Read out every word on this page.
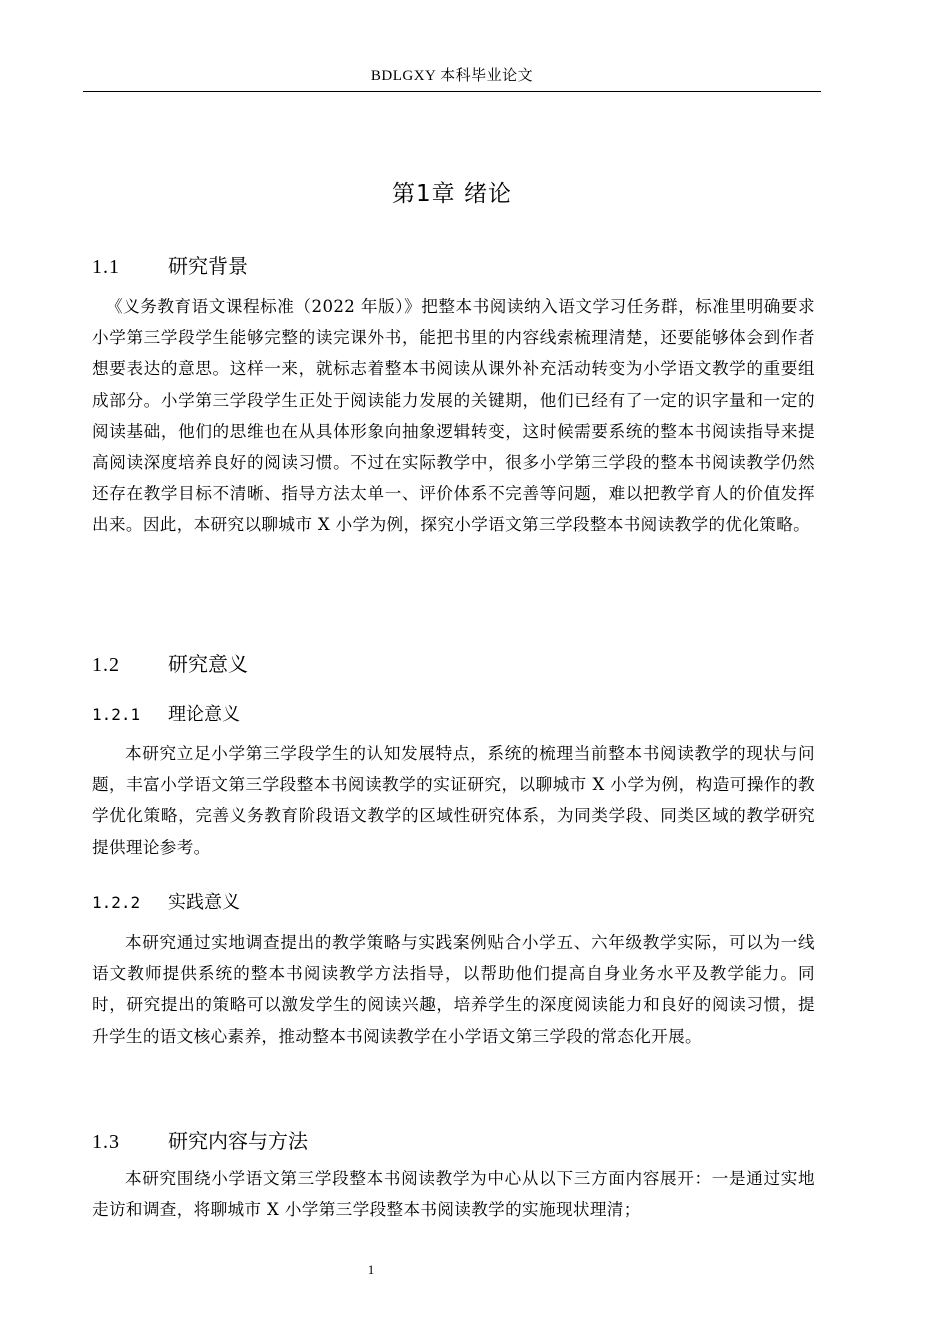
BDLGXY 本科毕业论文
第1章 绪论
1.1 研究背景

《义务教育语文课程标准（2022 年版）》把整本书阅读纳入语文学习任务群，标准里明确要求小学第三学段学生能够完整的读完课外书，能把书里的内容线索梳理清楚，还要能够体会到作者想要表达的意思。这样一来，就标志着整本书阅读从课外补充活动转变为小学语文教学的重要组成部分。小学第三学段学生正处于阅读能力发展的关键期，他们已经有了一定的识字量和一定的阅读基础，他们的思维也在从具体形象向抽象逻辑转变，这时候需要系统的整本书阅读指导来提高阅读深度培养良好的阅读习惯。不过在实际教学中，很多小学第三学段的整本书阅读教学仍然还存在教学目标不清晰、指导方法太单一、评价体系不完善等问题，难以把教学育人的价值发挥出来。因此，本研究以聊城市 X 小学为例，探究小学语文第三学段整本书阅读教学的优化策略。

1.2 研究意义
1.2.1 理论意义

本研究立足小学第三学段学生的认知发展特点，系统的梳理当前整本书阅读教学的现状与问题，丰富小学语文第三学段整本书阅读教学的实证研究，以聊城市 X 小学为例，构造可操作的教学优化策略，完善义务教育阶段语文教学的区域性研究体系，为同类学段、同类区域的教学研究提供理论参考。

1.2.2 实践意义

本研究通过实地调查提出的教学策略与实践案例贴合小学五、六年级教学实际，可以为一线语文教师提供系统的整本书阅读教学方法指导，以帮助他们提高自身业务水平及教学能力。同时，研究提出的策略可以激发学生的阅读兴趣，培养学生的深度阅读能力和良好的阅读习惯，提升学生的语文核心素养，推动整本书阅读教学在小学语文第三学段的常态化开展。

1.3 研究内容与方法

本研究围绕小学语文第三学段整本书阅读教学为中心从以下三方面内容展开：一是通过实地走访和调查，将聊城市 X 小学第三学段整本书阅读教学的实施现状理清；

1
